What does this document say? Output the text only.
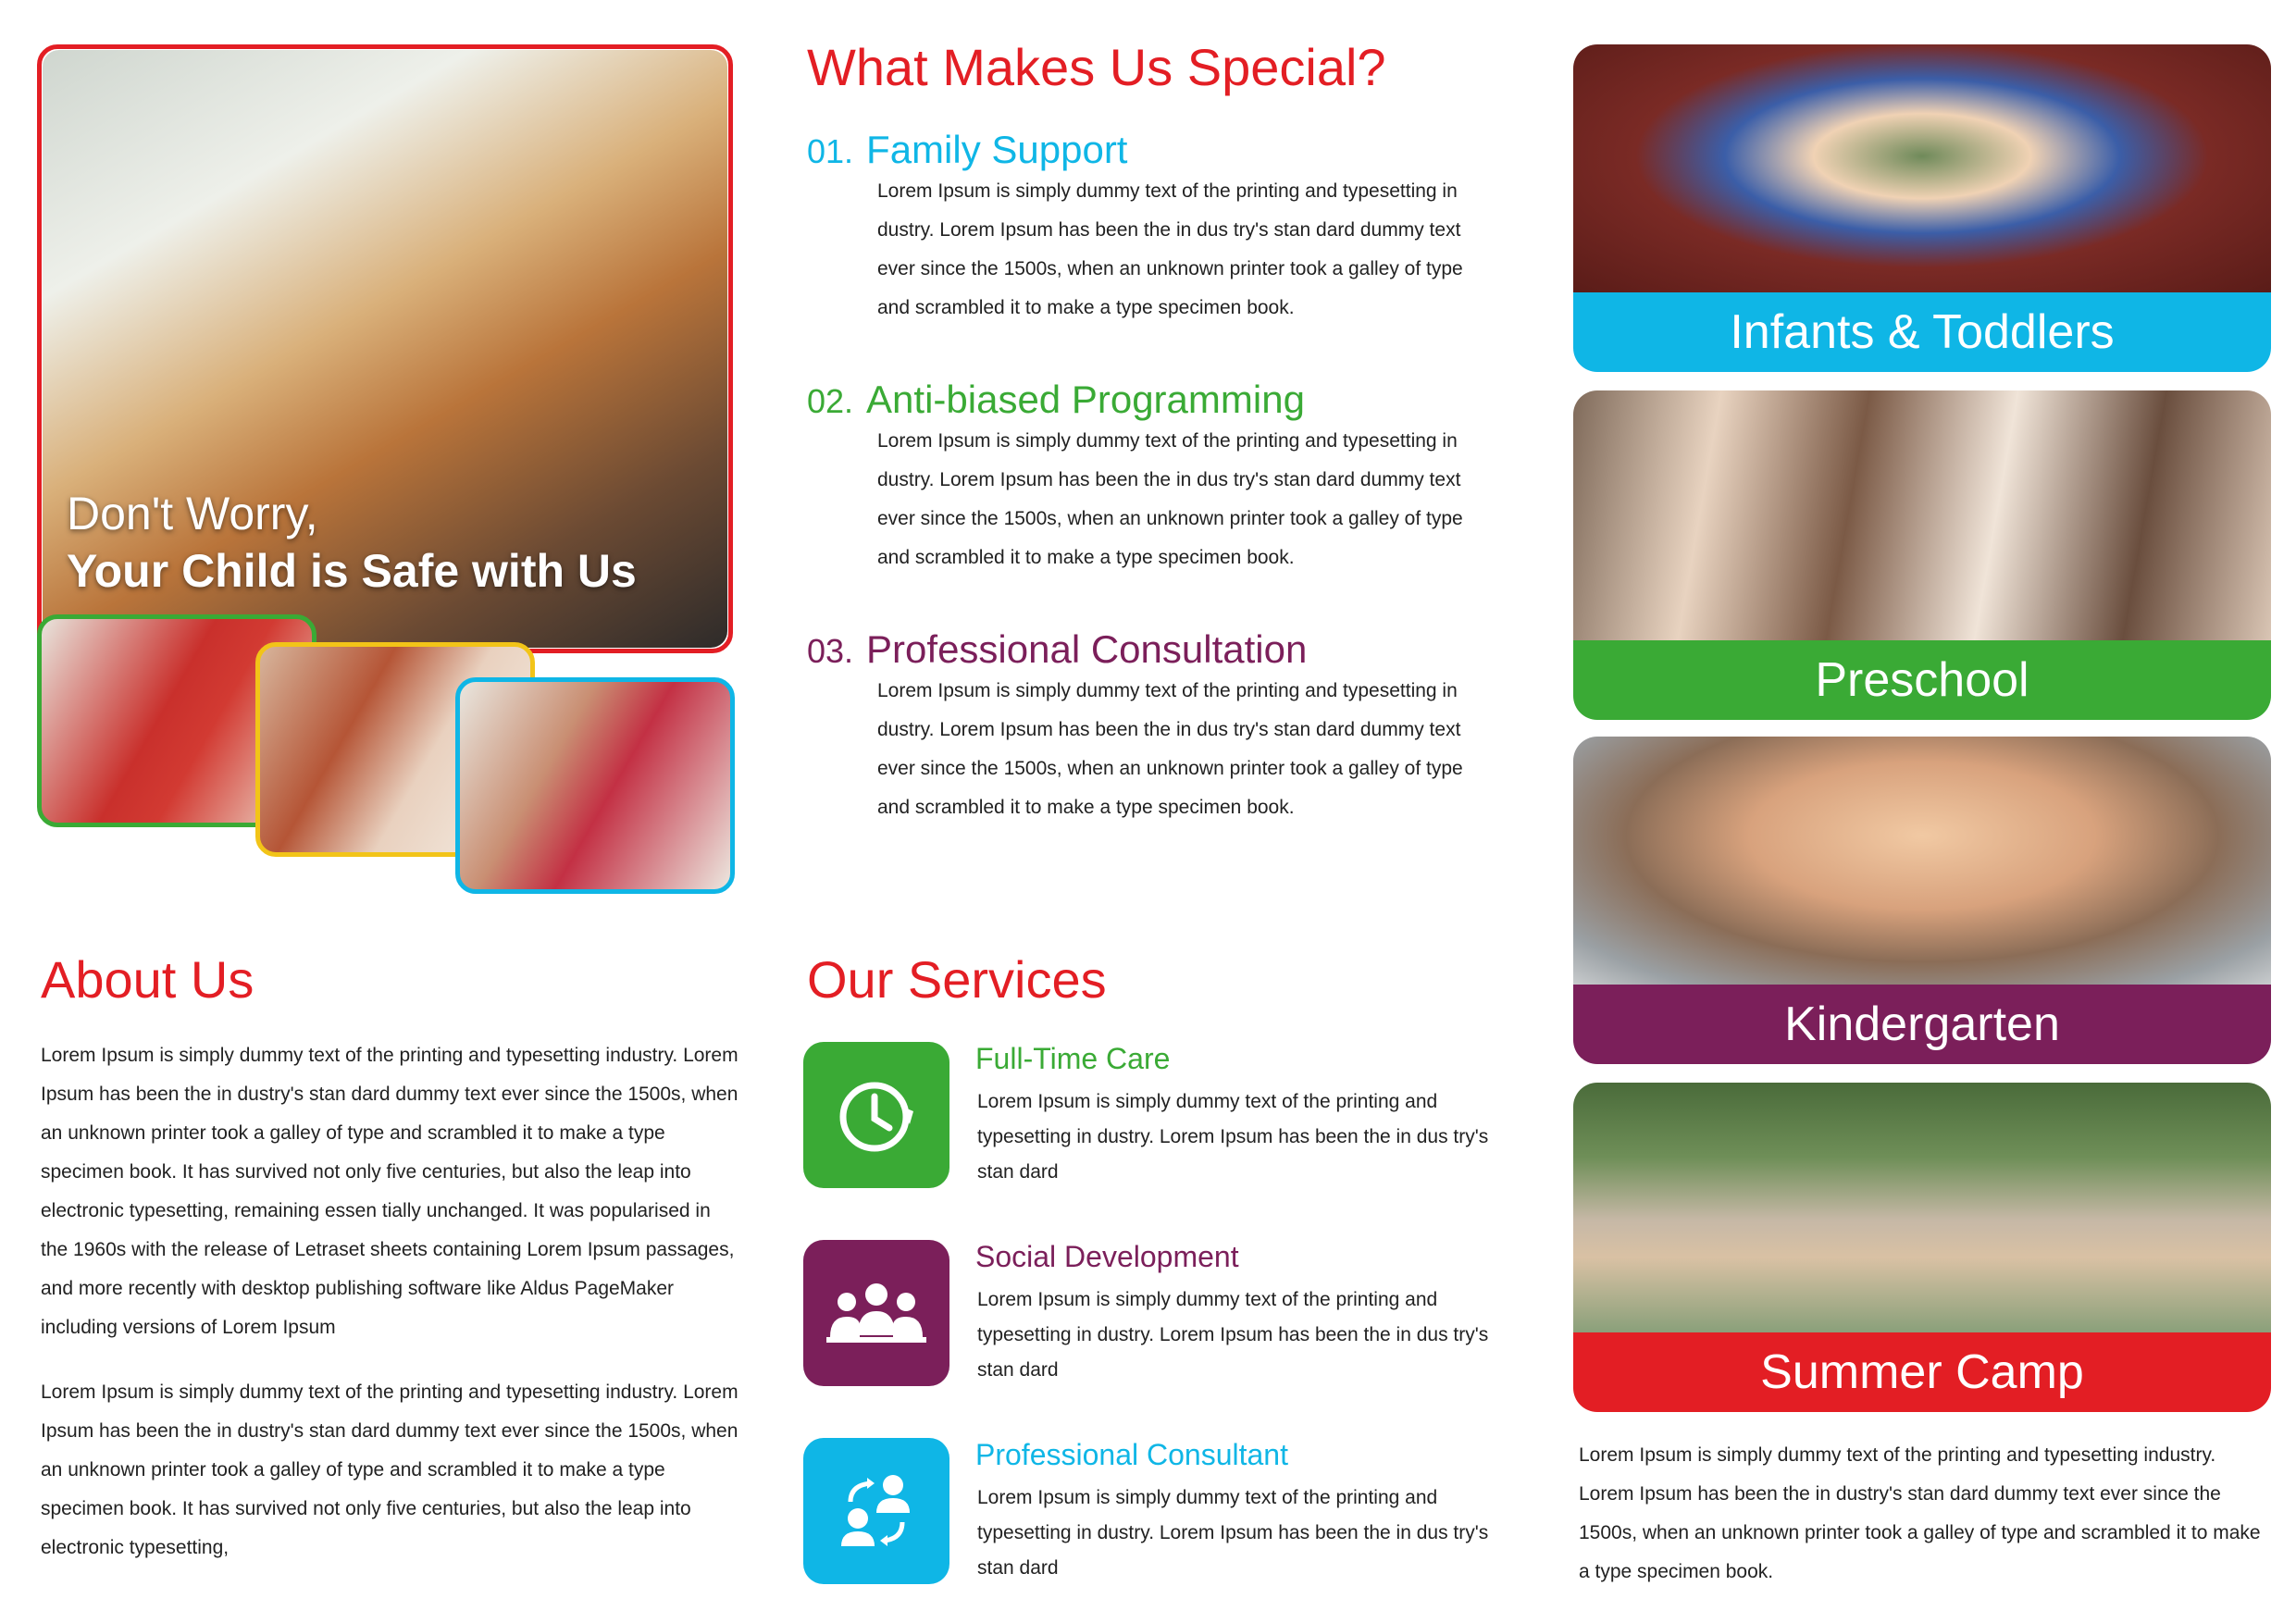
Don't Worry,
Your Child is Safe with Us
About Us
Lorem Ipsum is simply dummy text of the printing and typesetting industry. Lorem Ipsum has been the in dustry's stan dard dummy text ever since the 1500s, when an unknown printer took a galley of type and scrambled it to make a type specimen book. It has survived not only five centuries, but also the leap into electronic typesetting, remaining essen tially unchanged. It was popularised in the 1960s with the release of Letraset sheets containing Lorem Ipsum passages, and more recently with desktop publishing software like Aldus PageMaker including versions of Lorem Ipsum
Lorem Ipsum is simply dummy text of the printing and typesetting industry. Lorem Ipsum has been the in dustry's stan dard dummy text ever since the 1500s, when an unknown printer took a galley of type and scrambled it to make a type specimen book. It has survived not only five centuries, but also the leap into electronic typesetting,
What Makes Us Special?
01. Family Support
Lorem Ipsum is simply dummy text of the printing and typesetting in dustry. Lorem Ipsum has been the in dus try's stan dard dummy text ever since the 1500s, when an unknown printer took a galley of type and scrambled it to make a type specimen book.
02. Anti-biased Programming
Lorem Ipsum is simply dummy text of the printing and typesetting in dustry. Lorem Ipsum has been the in dus try's stan dard dummy text ever since the 1500s, when an unknown printer took a galley of type and scrambled it to make a type specimen book.
03. Professional Consultation
Lorem Ipsum is simply dummy text of the printing and typesetting in dustry. Lorem Ipsum has been the in dus try's stan dard dummy text ever since the 1500s, when an unknown printer took a galley of type and scrambled it to make a type specimen book.
Our Services
Full-Time Care
Lorem Ipsum is simply dummy text of the printing and typesetting in dustry. Lorem Ipsum has been the in dus try's stan dard
Social Development
Lorem Ipsum is simply dummy text of the printing and typesetting in dustry. Lorem Ipsum has been the in dus try's stan dard
Professional Consultant
Lorem Ipsum is simply dummy text of the printing and typesetting in dustry. Lorem Ipsum has been the in dus try's stan dard
Infants & Toddlers
Preschool
Kindergarten
Summer Camp
Lorem Ipsum is simply dummy text of the printing and typesetting industry. Lorem Ipsum has been the in dustry's stan dard dummy text ever since the 1500s, when an unknown printer took a galley of type and scrambled it to make a type specimen book.
